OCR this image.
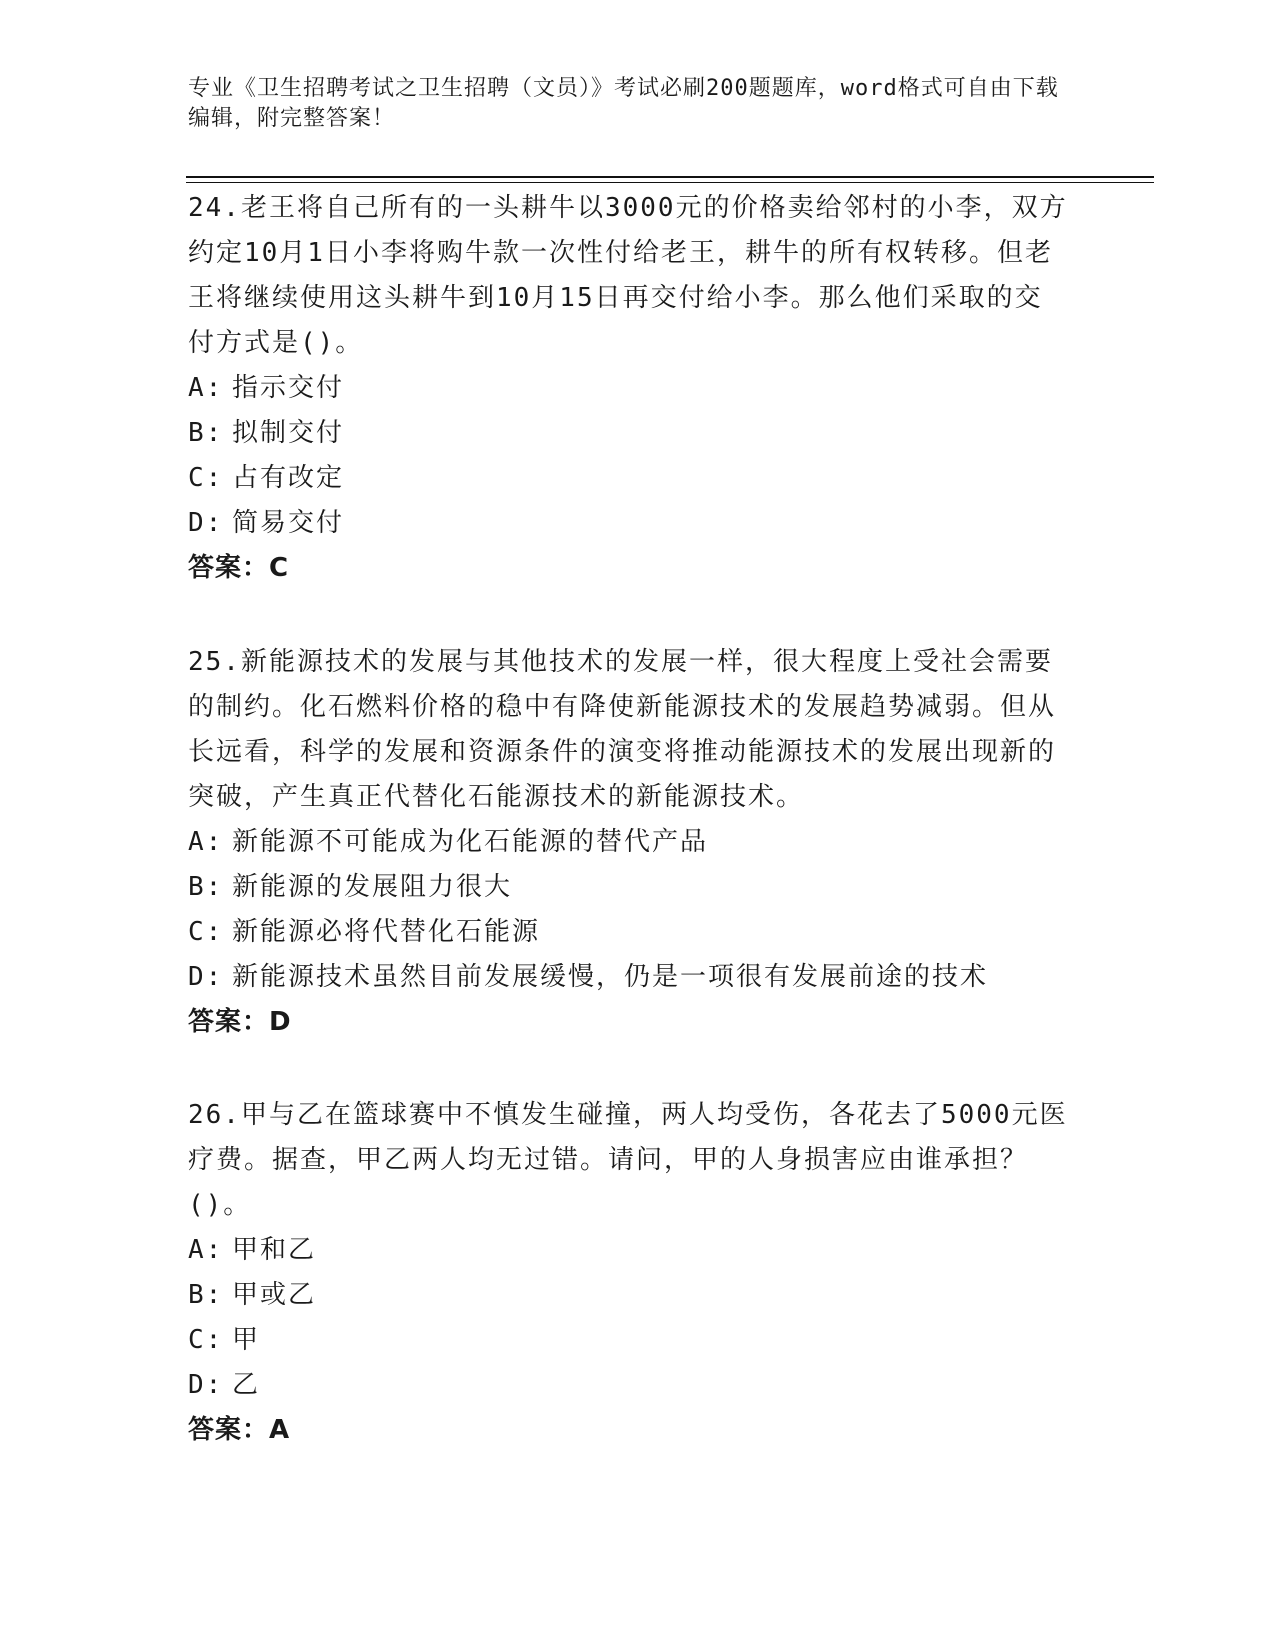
专业《卫生招聘考试之卫生招聘（文员）》考试必刷200题题库，word格式可自由下载编辑，附完整答案！

24.老王将自己所有的一头耕牛以3000元的价格卖给邻村的小李，双方约定10月1日小李将购牛款一次性付给老王，耕牛的所有权转移。但老王将继续使用这头耕牛到10月15日再交付给小李。那么他们采取的交付方式是()。

A: 指示交付

B: 拟制交付

C: 占有改定

D: 简易交付

答案：C

25.新能源技术的发展与其他技术的发展一样，很大程度上受社会需要的制约。化石燃料价格的稳中有降使新能源技术的发展趋势减弱。但从长远看，科学的发展和资源条件的演变将推动能源技术的发展出现新的突破，产生真正代替化石能源技术的新能源技术。

A: 新能源不可能成为化石能源的替代产品

B: 新能源的发展阻力很大

C: 新能源必将代替化石能源

D: 新能源技术虽然目前发展缓慢，仍是一项很有发展前途的技术

答案：D

26.甲与乙在篮球赛中不慎发生碰撞，两人均受伤，各花去了5000元医疗费。据查，甲乙两人均无过错。请问，甲的人身损害应由谁承担？()。

A: 甲和乙

B: 甲或乙

C: 甲

D: 乙

答案：A
